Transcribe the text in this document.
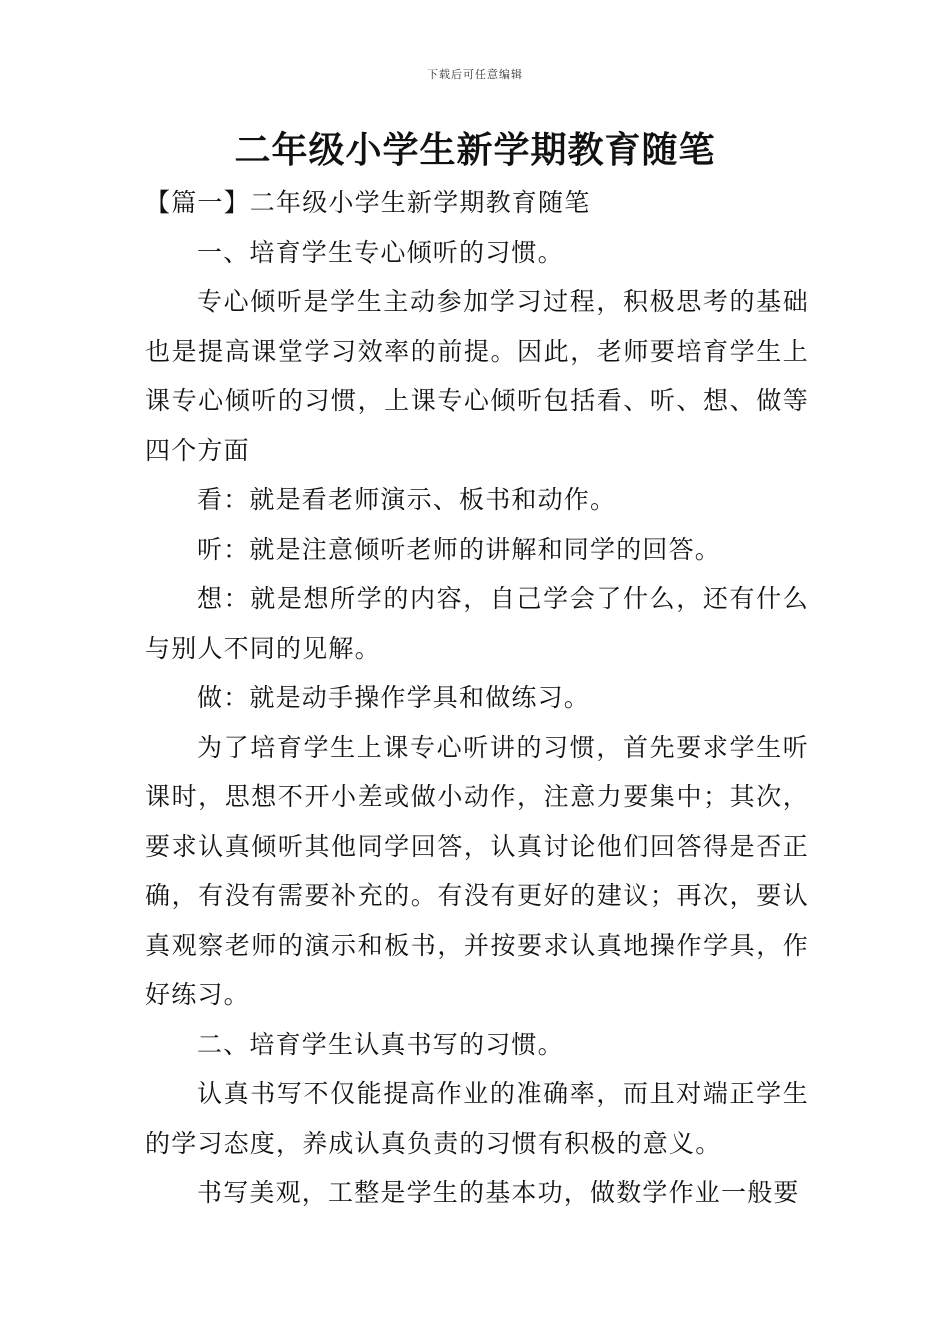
下载后可任意编辑
二年级小学生新学期教育随笔

【篇一】二年级小学生新学期教育随笔

一、培育学生专心倾听的习惯。

专心倾听是学生主动参加学习过程，积极思考的基础也是提高课堂学习效率的前提。因此，老师要培育学生上课专心倾听的习惯，上课专心倾听包括看、听、想、做等四个方面

看：就是看老师演示、板书和动作。

听：就是注意倾听老师的讲解和同学的回答。

想：就是想所学的内容，自己学会了什么，还有什么与别人不同的见解。

做：就是动手操作学具和做练习。

为了培育学生上课专心听讲的习惯，首先要求学生听课时，思想不开小差或做小动作，注意力要集中；其次，要求认真倾听其他同学回答，认真讨论他们回答得是否正确，有没有需要补充的。有没有更好的建议；再次，要认真观察老师的演示和板书，并按要求认真地操作学具，作好练习。

二、培育学生认真书写的习惯。

认真书写不仅能提高作业的准确率，而且对端正学生的学习态度，养成认真负责的习惯有积极的意义。

书写美观，工整是学生的基本功，做数学作业一般要
